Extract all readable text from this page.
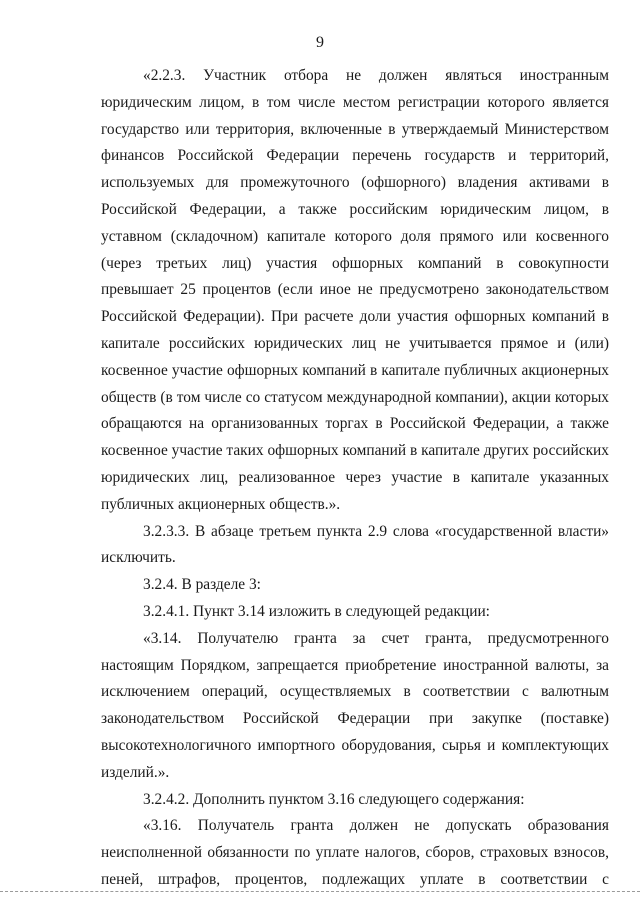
9

«2.2.3. Участник отбора не должен являться иностранным юридическим лицом, в том числе местом регистрации которого является государство или территория, включенные в утверждаемый Министерством финансов Российской Федерации перечень государств и территорий, используемых для промежуточного (офшорного) владения активами в Российской Федерации, а также российским юридическим лицом, в уставном (складочном) капитале которого доля прямого или косвенного (через третьих лиц) участия офшорных компаний в совокупности превышает 25 процентов (если иное не предусмотрено законодательством Российской Федерации). При расчете доли участия офшорных компаний в капитале российских юридических лиц не учитывается прямое и (или) косвенное участие офшорных компаний в капитале публичных акционерных обществ (в том числе со статусом международной компании), акции которых обращаются на организованных торгах в Российской Федерации, а также косвенное участие таких офшорных компаний в капитале других российских юридических лиц, реализованное через участие в капитале указанных публичных акционерных обществ.».

3.2.3.3. В абзаце третьем пункта 2.9 слова «государственной власти» исключить.

3.2.4. В разделе 3:

3.2.4.1. Пункт 3.14 изложить в следующей редакции:

«3.14. Получателю гранта за счет гранта, предусмотренного настоящим Порядком, запрещается приобретение иностранной валюты, за исключением операций, осуществляемых в соответствии с валютным законодательством Российской Федерации при закупке (поставке) высокотехнологичного импортного оборудования, сырья и комплектующих изделий.».

3.2.4.2. Дополнить пунктом 3.16 следующего содержания:

«3.16. Получатель гранта должен не допускать образования неисполненной обязанности по уплате налогов, сборов, страховых взносов, пеней, штрафов, процентов, подлежащих уплате в соответствии с
